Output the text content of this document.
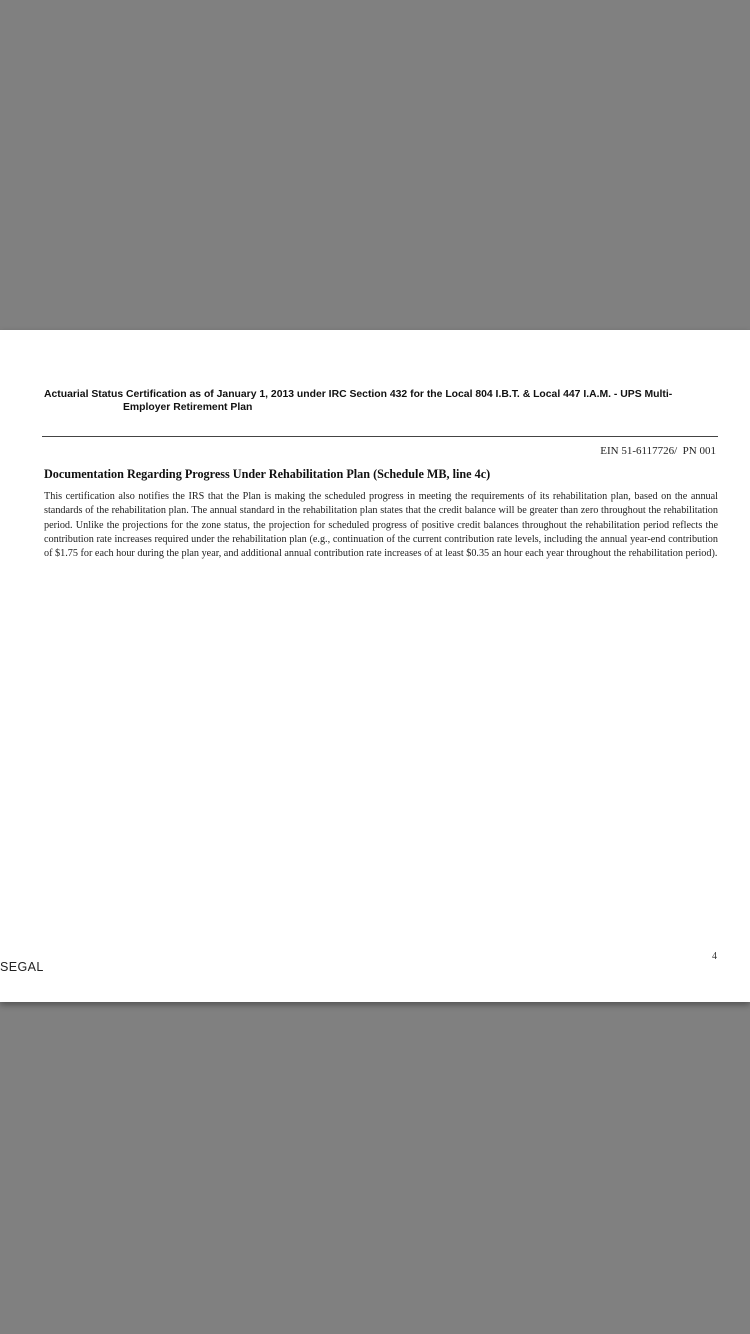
Actuarial Status Certification as of January 1, 2013 under IRC Section 432 for the Local 804 I.B.T. & Local 447 I.A.M. - UPS Multi-
Employer Retirement Plan
EIN 51-6117726/  PN 001
Documentation Regarding Progress Under Rehabilitation Plan (Schedule MB, line 4c)
This certification also notifies the IRS that the Plan is making the scheduled progress in meeting the requirements of its rehabilitation plan, based on the annual standards of the rehabilitation plan. The annual standard in the rehabilitation plan states that the credit balance will be greater than zero throughout the rehabilitation period. Unlike the projections for the zone status, the projection for scheduled progress of positive credit balances throughout the rehabilitation period reflects the contribution rate increases required under the rehabilitation plan (e.g., continuation of the current contribution rate levels, including the annual year-end contribution of $1.75 for each hour during the plan year, and additional annual contribution rate increases of at least $0.35 an hour each year throughout the rehabilitation period).
4
SEGAL
